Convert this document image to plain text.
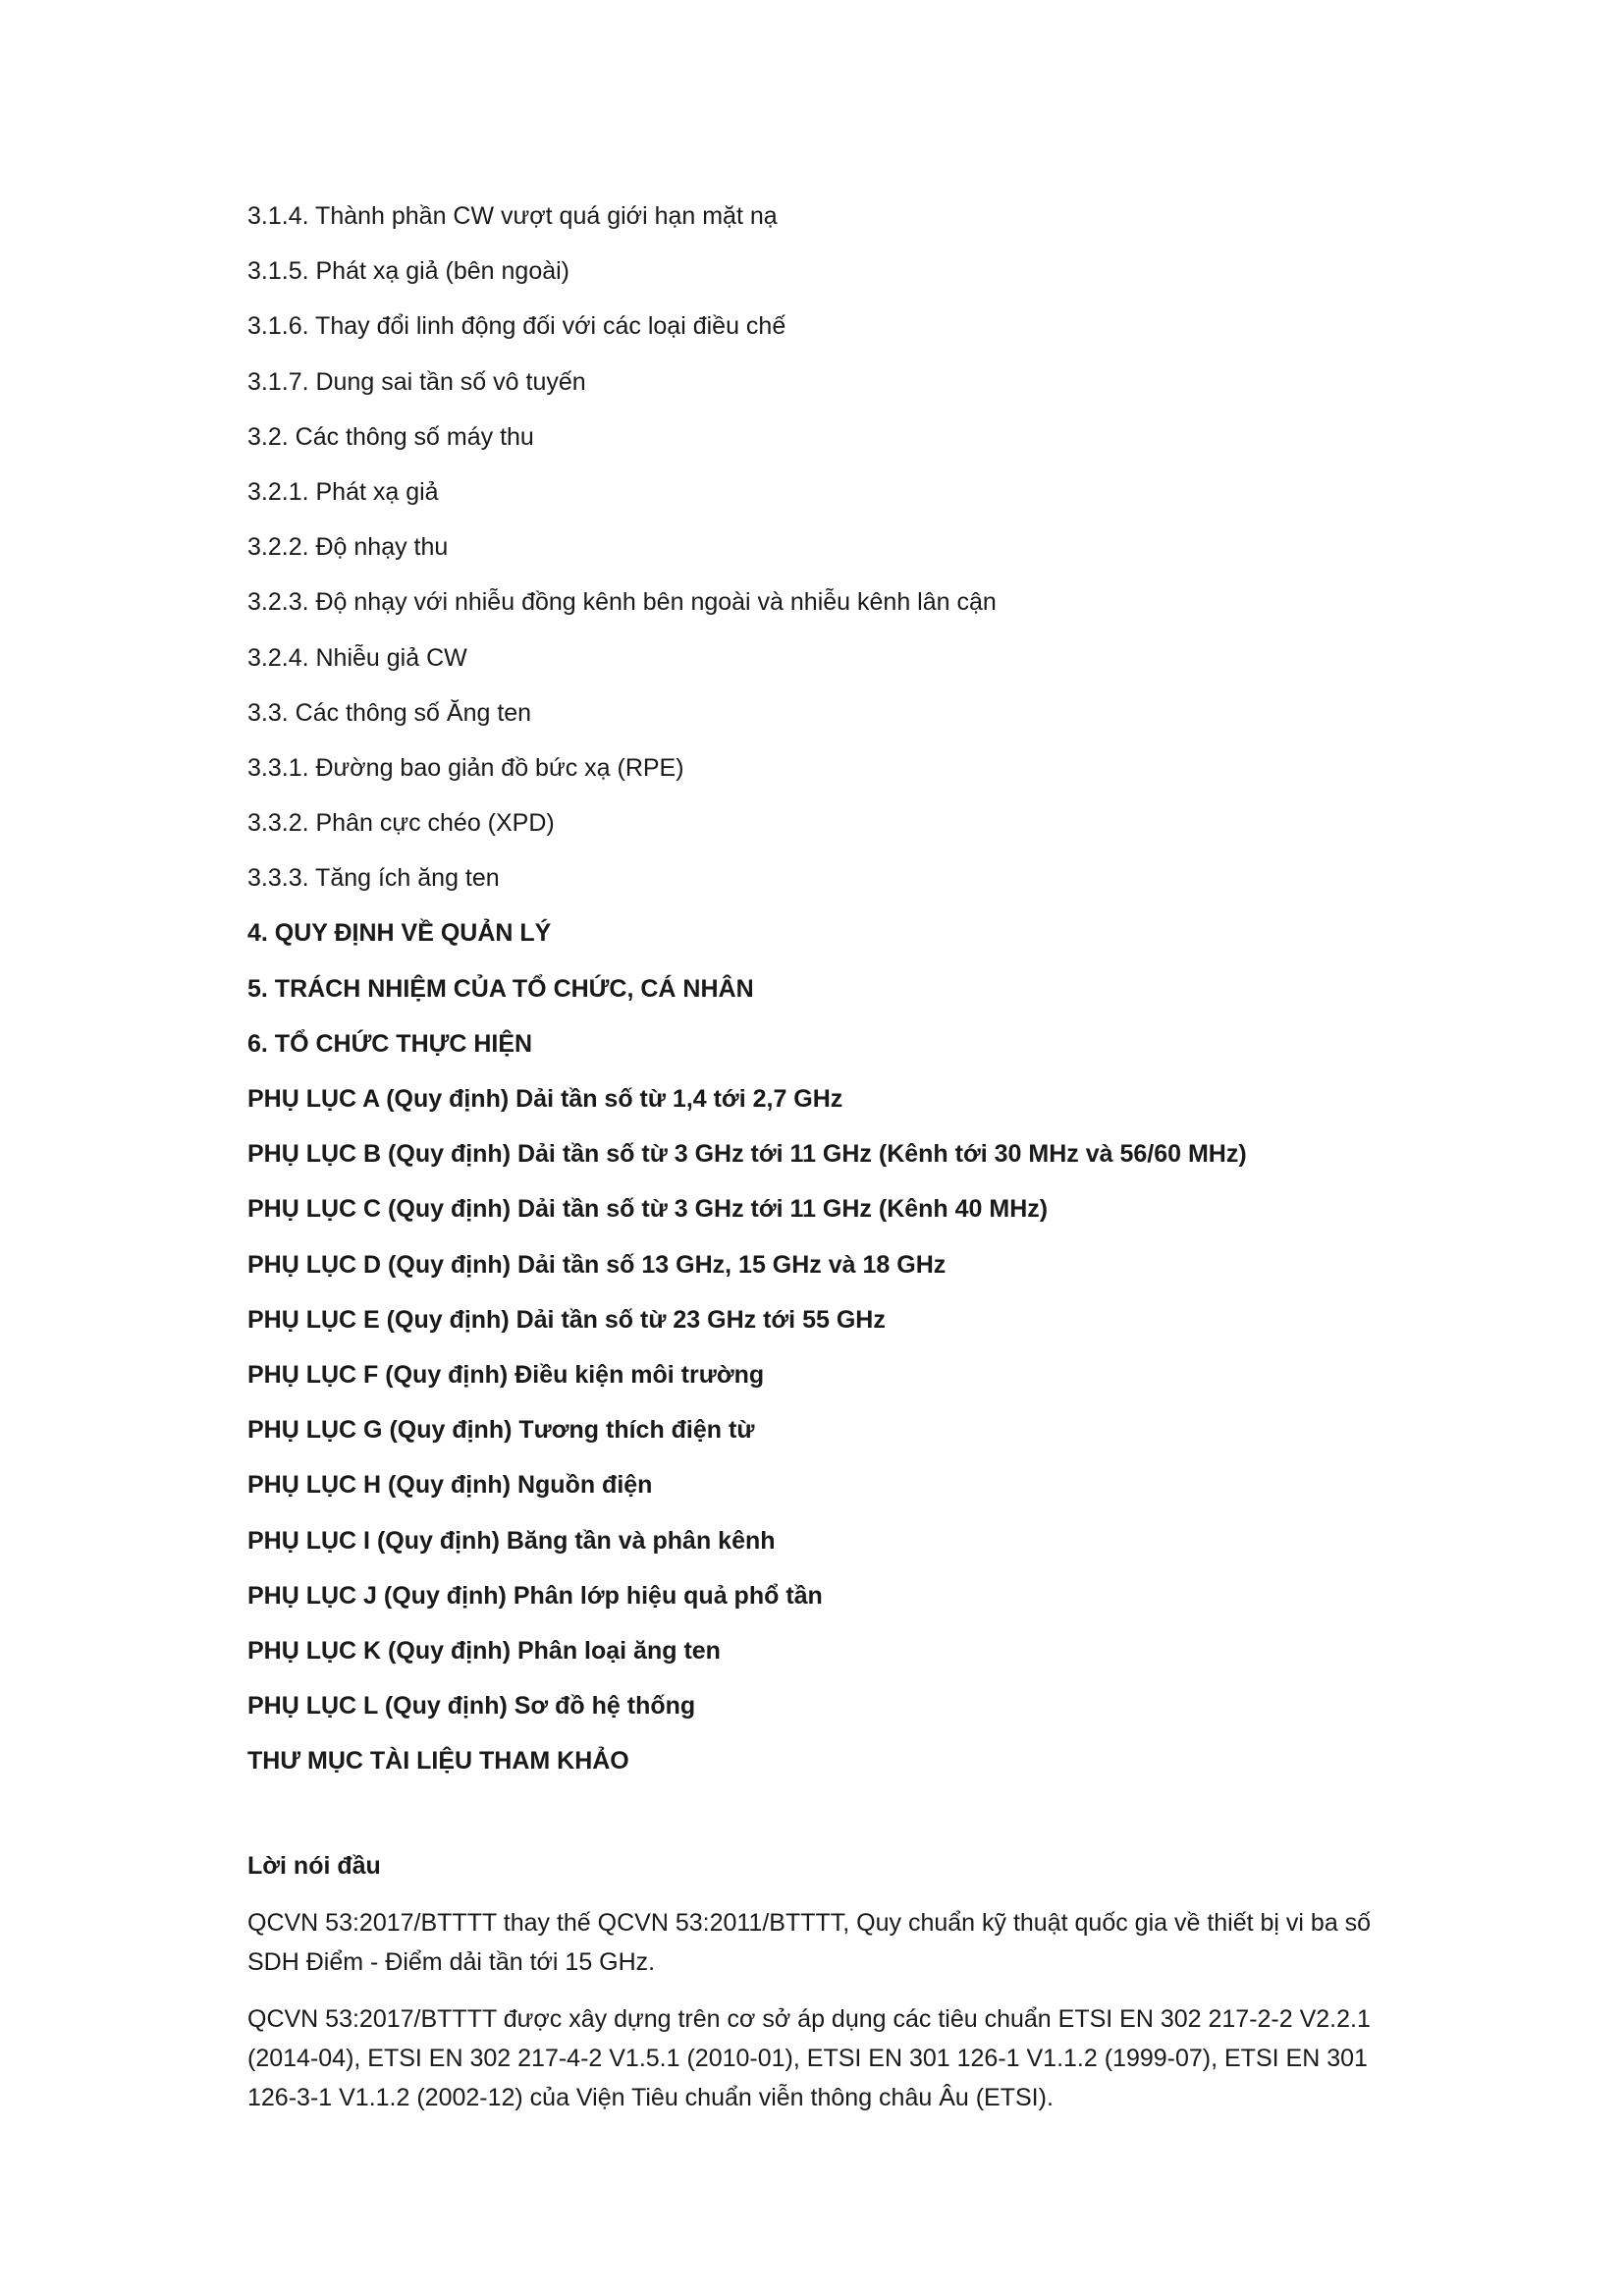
3.1.4. Thành phần CW vượt quá giới hạn mặt nạ
3.1.5. Phát xạ giả (bên ngoài)
3.1.6. Thay đổi linh động đối với các loại điều chế
3.1.7. Dung sai tần số vô tuyến
3.2. Các thông số máy thu
3.2.1. Phát xạ giả
3.2.2. Độ nhạy thu
3.2.3. Độ nhạy với nhiễu đồng kênh bên ngoài và nhiễu kênh lân cận
3.2.4. Nhiễu giả CW
3.3. Các thông số Ăng ten
3.3.1. Đường bao giản đồ bức xạ (RPE)
3.3.2. Phân cực chéo (XPD)
3.3.3. Tăng ích ăng ten
4. QUY ĐỊNH VỀ QUẢN LÝ
5. TRÁCH NHIỆM CỦA TỔ CHỨC, CÁ NHÂN
6. TỔ CHỨC THỰC HIỆN
PHỤ LỤC A (Quy định) Dải tần số từ 1,4 tới 2,7 GHz
PHỤ LỤC B (Quy định) Dải tần số từ 3 GHz tới 11 GHz (Kênh tới 30 MHz và 56/60 MHz)
PHỤ LỤC C (Quy định) Dải tần số từ 3 GHz tới 11 GHz (Kênh 40 MHz)
PHỤ LỤC D (Quy định) Dải tần số 13 GHz, 15 GHz và 18 GHz
PHỤ LỤC E (Quy định) Dải tần số từ 23 GHz tới 55 GHz
PHỤ LỤC F (Quy định) Điều kiện môi trường
PHỤ LỤC G (Quy định) Tương thích điện từ
PHỤ LỤC H (Quy định) Nguồn điện
PHỤ LỤC I (Quy định) Băng tần và phân kênh
PHỤ LỤC J (Quy định) Phân lớp hiệu quả phổ tần
PHỤ LỤC K (Quy định) Phân loại ăng ten
PHỤ LỤC L (Quy định) Sơ đồ hệ thống
THƯ MỤC TÀI LIỆU THAM KHẢO
Lời nói đầu

QCVN 53:2017/BTTTT thay thế QCVN 53:2011/BTTTT, Quy chuẩn kỹ thuật quốc gia về thiết bị vi ba số SDH Điểm - Điểm dải tần tới 15 GHz.

QCVN 53:2017/BTTTT được xây dựng trên cơ sở áp dụng các tiêu chuẩn ETSI EN 302 217-2-2 V2.2.1 (2014-04), ETSI EN 302 217-4-2 V1.5.1 (2010-01), ETSI EN 301 126-1 V1.1.2 (1999-07), ETSI EN 301 126-3-1 V1.1.2 (2002-12) của Viện Tiêu chuẩn viễn thông châu Âu (ETSI).
